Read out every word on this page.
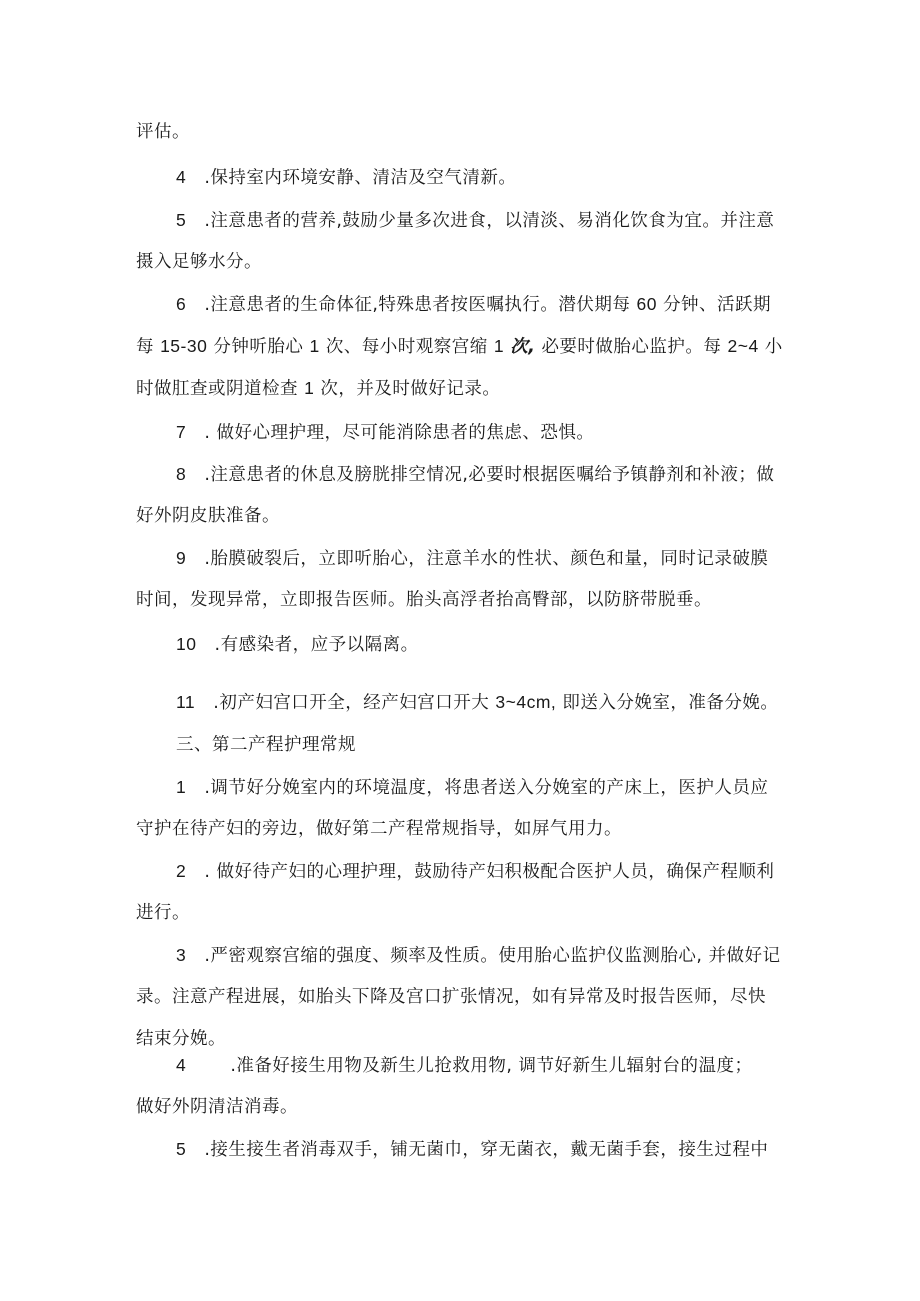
评估。
4 .保持室内环境安静、清洁及空气清新。
5 .注意患者的营养,鼓励少量多次进食，以清淡、易消化饮食为宜。并注意
摄入足够水分。
6 .注意患者的生命体征,特殊患者按医嘱执行。潜伏期每 60 分钟、活跃期
每 15-30 分钟听胎心 1 次、每小时观察宫缩 1 次, 必要时做胎心监护。每 2~4 小
时做肛查或阴道检查 1 次，并及时做好记录。
7 . 做好心理护理，尽可能消除患者的焦虑、恐惧。
8 .注意患者的休息及膀胱排空情况,必要时根据医嘱给予镇静剂和补液；做
好外阴皮肤准备。
9 .胎膜破裂后，立即听胎心，注意羊水的性状、颜色和量，同时记录破膜
时间，发现异常，立即报告医师。胎头高浮者抬高臀部，以防脐带脱垂。
10 .有感染者，应予以隔离。
11 .初产妇宫口开全，经产妇宫口开大 3~4cm, 即送入分娩室，准备分娩。
三、第二产程护理常规
1 .调节好分娩室内的环境温度，将患者送入分娩室的产床上，医护人员应
守护在待产妇的旁边，做好第二产程常规指导，如屏气用力。
2 . 做好待产妇的心理护理，鼓励待产妇积极配合医护人员，确保产程顺利
进行。
3 .严密观察宫缩的强度、频率及性质。使用胎心监护仪监测胎心, 并做好记
录。注意产程进展，如胎头下降及宫口扩张情况，如有异常及时报告医师，尽快
结束分娩。
4	.准备好接生用物及新生儿抢救用物, 调节好新生儿辐射台的温度；
做好外阴清洁消毒。
5 .接生接生者消毒双手，铺无菌巾，穿无菌衣，戴无菌手套，接生过程中
